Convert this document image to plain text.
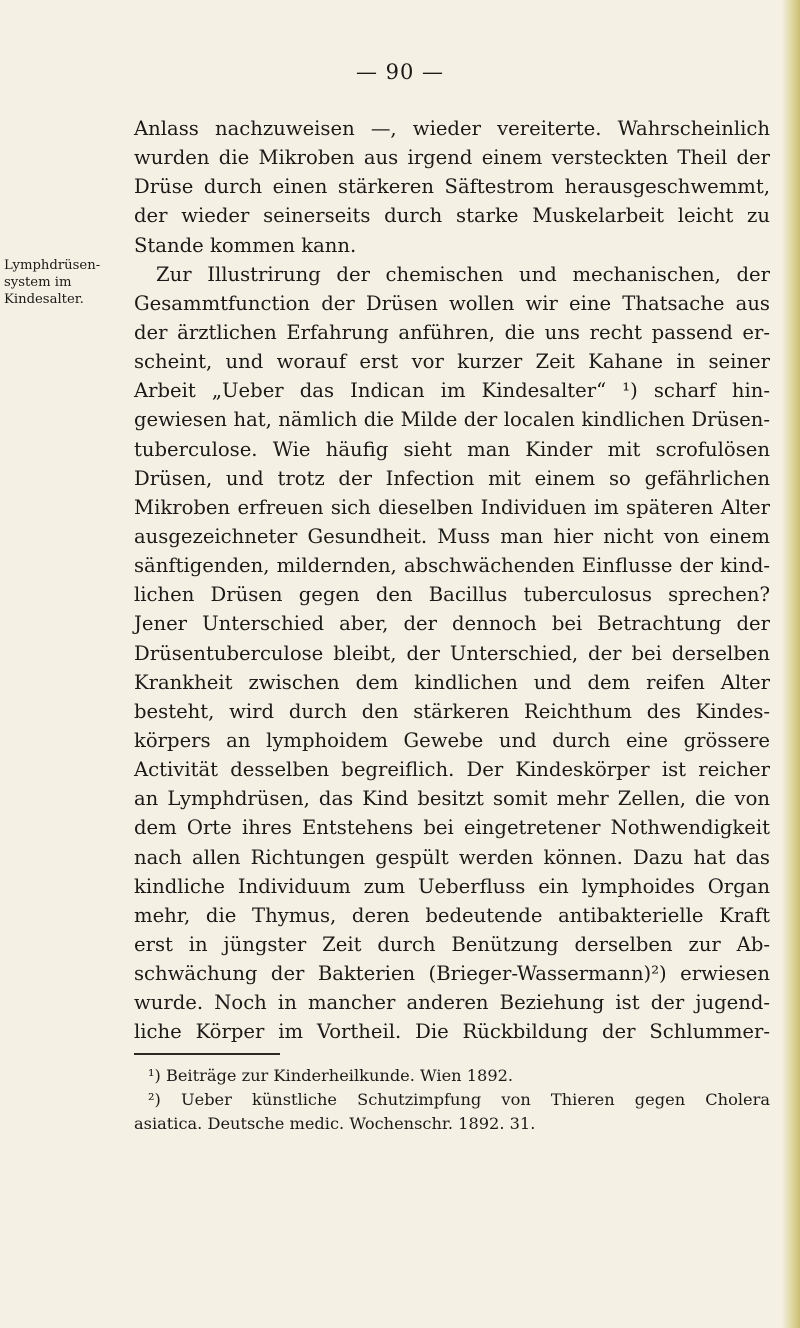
— 90 —
Lymphdrüsen-
system im
Kindesalter.
Anlass nachzuweisen —, wieder vereiterte. Wahrscheinlich
wurden die Mikroben aus irgend einem versteckten Theil der
Drüse durch einen stärkeren Säftestrom herausgeschwemmt,
der wieder seinerseits durch starke Muskelarbeit leicht zu
Stande kommen kann.
Zur Illustrirung der chemischen und mechanischen, der
Gesammtfunction der Drüsen wollen wir eine Thatsache aus
der ärztlichen Erfahrung anführen, die uns recht passend er-
scheint, und worauf erst vor kurzer Zeit Kahane in seiner
Arbeit „Ueber das Indican im Kindesalter“ ¹) scharf hin-
gewiesen hat, nämlich die Milde der localen kindlichen Drüsen-
tuberculose. Wie häufig sieht man Kinder mit scrofulösen
Drüsen, und trotz der Infection mit einem so gefährlichen
Mikroben erfreuen sich dieselben Individuen im späteren Alter
ausgezeichneter Gesundheit. Muss man hier nicht von einem
sänftigenden, mildernden, abschwächenden Einflusse der kind-
lichen Drüsen gegen den Bacillus tuberculosus sprechen?
Jener Unterschied aber, der dennoch bei Betrachtung der
Drüsentuberculose bleibt, der Unterschied, der bei derselben
Krankheit zwischen dem kindlichen und dem reifen Alter
besteht, wird durch den stärkeren Reichthum des Kindes-
körpers an lymphoidem Gewebe und durch eine grössere
Activität desselben begreiflich. Der Kindeskörper ist reicher
an Lymphdrüsen, das Kind besitzt somit mehr Zellen, die von
dem Orte ihres Entstehens bei eingetretener Nothwendigkeit
nach allen Richtungen gespült werden können. Dazu hat das
kindliche Individuum zum Ueberfluss ein lymphoides Organ
mehr, die Thymus, deren bedeutende antibakterielle Kraft
erst in jüngster Zeit durch Benützung derselben zur Ab-
schwächung der Bakterien (Brieger-Wassermann)²) erwiesen
wurde. Noch in mancher anderen Beziehung ist der jugend-
liche Körper im Vortheil. Die Rückbildung der Schlummer-
¹) Beiträge zur Kinderheilkunde. Wien 1892.
²) Ueber künstliche Schutzimpfung von Thieren gegen Cholera
asiatica. Deutsche medic. Wochenschr. 1892. 31.
